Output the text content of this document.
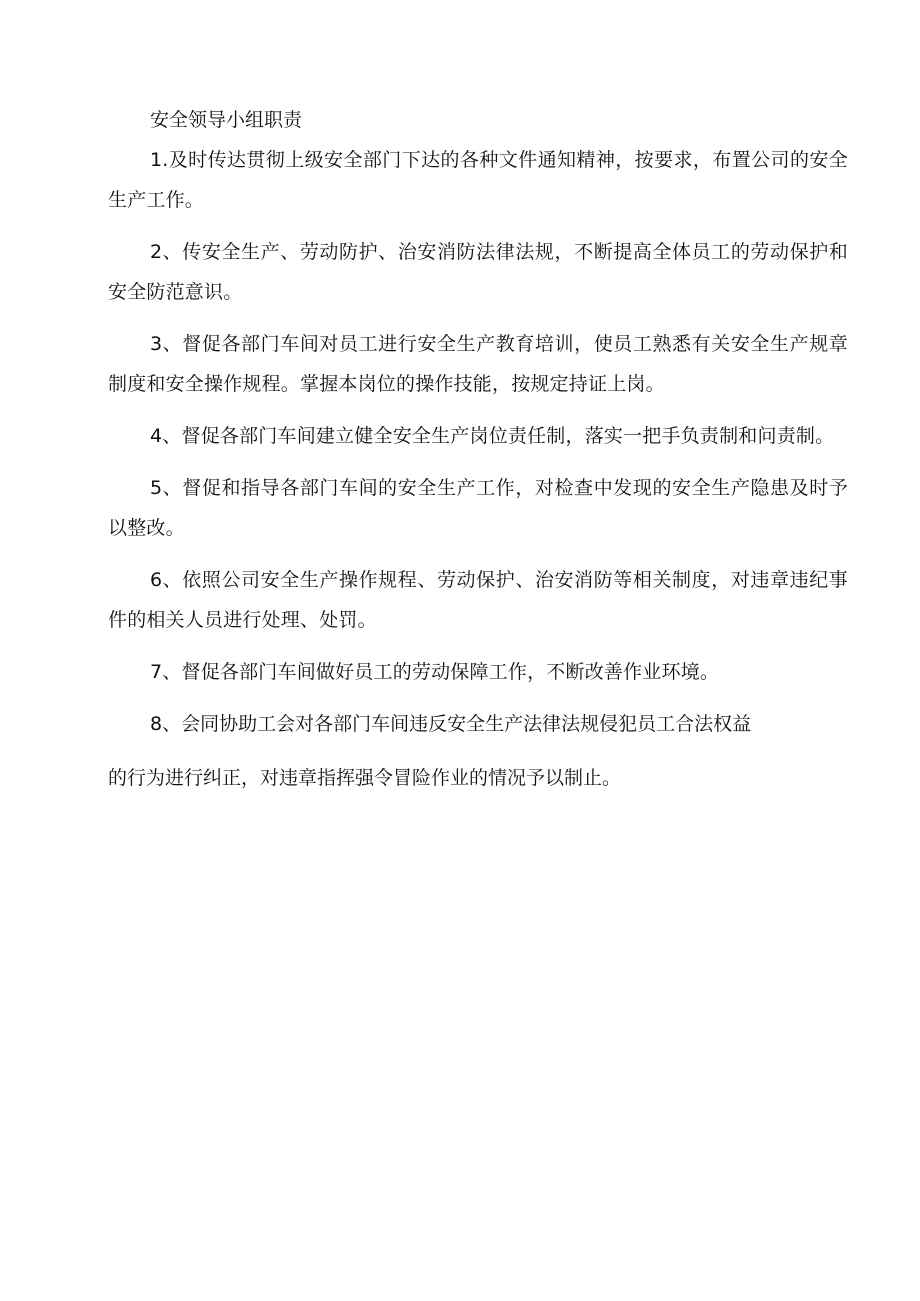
安全领导小组职责

1.及时传达贯彻上级安全部门下达的各种文件通知精神，按要求，布置公司的安全生产工作。

2、传安全生产、劳动防护、治安消防法律法规，不断提高全体员工的劳动保护和安全防范意识。

3、督促各部门车间对员工进行安全生产教育培训，使员工熟悉有关安全生产规章制度和安全操作规程。掌握本岗位的操作技能，按规定持证上岗。

4、督促各部门车间建立健全安全生产岗位责任制，落实一把手负责制和问责制。

5、督促和指导各部门车间的安全生产工作，对检查中发现的安全生产隐患及时予以整改。

6、依照公司安全生产操作规程、劳动保护、治安消防等相关制度，对违章违纪事件的相关人员进行处理、处罚。

7、督促各部门车间做好员工的劳动保障工作，不断改善作业环境。

8、会同协助工会对各部门车间违反安全生产法律法规侵犯员工合法权益

的行为进行纠正，对违章指挥强令冒险作业的情况予以制止。
